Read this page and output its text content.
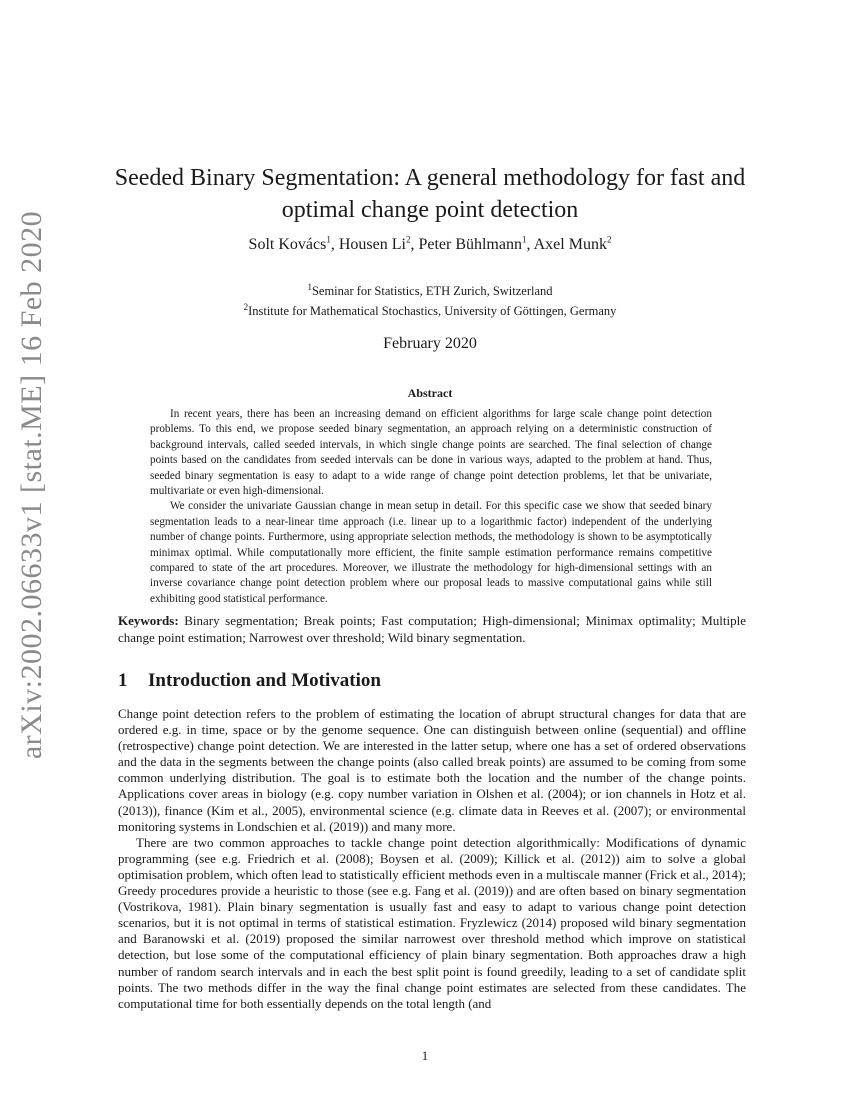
arXiv:2002.06633v1 [stat.ME] 16 Feb 2020
Seeded Binary Segmentation: A general methodology for fast and
optimal change point detection
Solt Kovács$^1$, Housen Li$^2$, Peter Bühlmann$^1$, Axel Munk$^2$
$^1$Seminar for Statistics, ETH Zurich, Switzerland
$^2$Institute for Mathematical Stochastics, University of Göttingen, Germany
February 2020
Abstract

In recent years, there has been an increasing demand on efficient algorithms for large scale change point detection problems. To this end, we propose seeded binary segmentation, an approach relying on a deterministic construction of background intervals, called seeded intervals, in which single change points are searched. The final selection of change points based on the candidates from seeded intervals can be done in various ways, adapted to the problem at hand. Thus, seeded binary segmentation is easy to adapt to a wide range of change point detection problems, let that be univariate, multivariate or even high-dimensional.

We consider the univariate Gaussian change in mean setup in detail. For this specific case we show that seeded binary segmentation leads to a near-linear time approach (i.e. linear up to a logarithmic factor) independent of the underlying number of change points. Furthermore, using appropriate selection methods, the methodology is shown to be asymptotically minimax optimal. While computationally more efficient, the finite sample estimation performance remains competitive compared to state of the art procedures. Moreover, we illustrate the methodology for high-dimensional settings with an inverse covariance change point detection problem where our proposal leads to massive computational gains while still exhibiting good statistical performance.

Keywords: Binary segmentation; Break points; Fast computation; High-dimensional; Minimax optimality; Multiple change point estimation; Narrowest over threshold; Wild binary segmentation.
1 Introduction and Motivation

Change point detection refers to the problem of estimating the location of abrupt structural changes for data that are ordered e.g. in time, space or by the genome sequence. One can distinguish between online (sequential) and offline (retrospective) change point detection. We are interested in the latter setup, where one has a set of ordered observations and the data in the segments between the change points (also called break points) are assumed to be coming from some common underlying distribution. The goal is to estimate both the location and the number of the change points. Applications cover areas in biology (e.g. copy number variation in Olshen et al. (2004); or ion channels in Hotz et al. (2013)), finance (Kim et al., 2005), environmental science (e.g. climate data in Reeves et al. (2007); or environmental monitoring systems in Londschien et al. (2019)) and many more.

There are two common approaches to tackle change point detection algorithmically: Modifications of dynamic programming (see e.g. Friedrich et al. (2008); Boysen et al. (2009); Killick et al. (2012)) aim to solve a global optimisation problem, which often lead to statistically efficient methods even in a multiscale manner (Frick et al., 2014); Greedy procedures provide a heuristic to those (see e.g. Fang et al. (2019)) and are often based on binary segmentation (Vostrikova, 1981). Plain binary segmentation is usually fast and easy to adapt to various change point detection scenarios, but it is not optimal in terms of statistical estimation. Fryzlewicz (2014) proposed wild binary segmentation and Baranowski et al. (2019) proposed the similar narrowest over threshold method which improve on statistical detection, but lose some of the computational efficiency of plain binary segmentation. Both approaches draw a high number of random search intervals and in each the best split point is found greedily, leading to a set of candidate split points. The two methods differ in the way the final change point estimates are selected from these candidates. The computational time for both essentially depends on the total length (and

1
